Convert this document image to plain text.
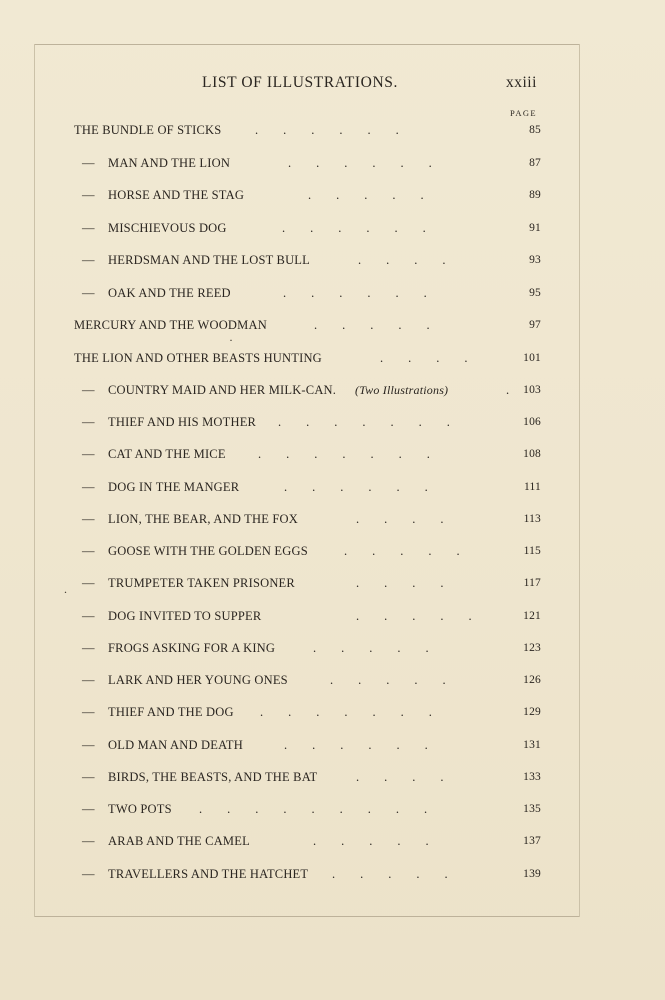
LIST OF ILLUSTRATIONS.	xxiii
PAGE
THE BUNDLE OF STICKS	.        .        .        .        .        .	85
— MAN AND THE LION	.        .        .        .        .        .	87
— HORSE AND THE STAG	.        .        .        .        .	89
— MISCHIEVOUS DOG	.        .        .        .        .        .	91
— HERDSMAN AND THE LOST BULL	.        .        .        .	93
— OAK AND THE REED	.        .        .        .        .        .	95
MERCURY AND THE WOODMAN	.        .        .        .        .	97
THE LION AND OTHER BEASTS HUNTING	.        .        .        .	101
— COUNTRY MAID AND HER MILK-CAN. (Two Illustrations)	.	103
— THIEF AND HIS MOTHER .        .        .        .        .        .        .	106
— CAT AND THE MICE	.        .        .        .        .        .        .	108
— DOG IN THE MANGER	.        .        .        .        .        .	111
— LION, THE BEAR, AND THE FOX	.        .        .        .	113
— GOOSE WITH THE GOLDEN EGGS	.        .        .        .        .	115
— TRUMPETER TAKEN PRISONER	.        .        .        .	117
— DOG INVITED TO SUPPER	.        .        .        .        .	121
— FROGS ASKING FOR A KING	.        .        .        .        .	123
— LARK AND HER YOUNG ONES	.        .        .        .        .	126
— THIEF AND THE DOG .        .        .        .        .        .        .	129
— OLD MAN AND DEATH	.        .        .        .        .        .	131
— BIRDS, THE BEASTS, AND THE BAT	.        .        .        .	133
— TWO POTS .        .        .        .        .        .        .        .        .	135
— ARAB AND THE CAMEL	.        .        .        .        .	137
— TRAVELLERS AND THE HATCHET .        .        .        .        .	139
·
.
